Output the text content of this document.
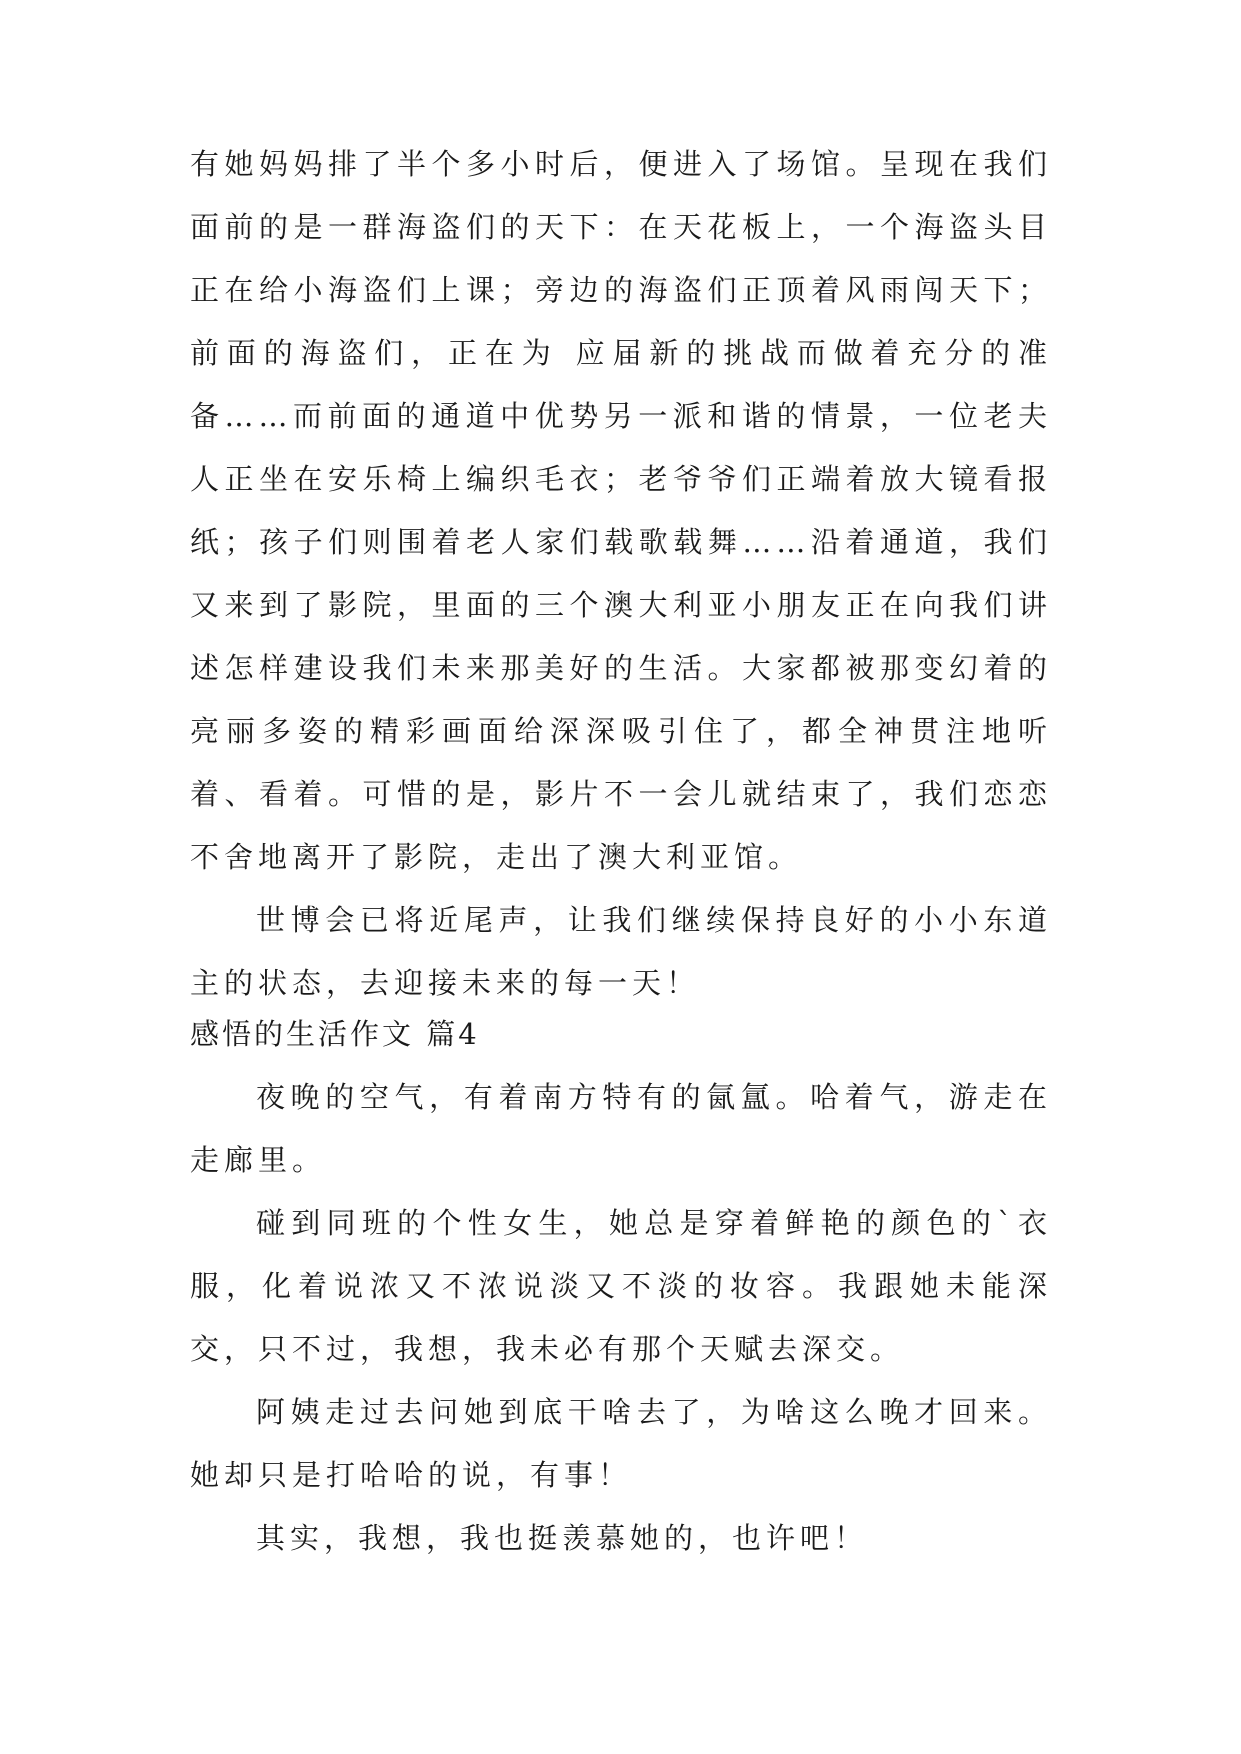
有她妈妈排了半个多小时后，便进入了场馆。呈现在我们面前的是一群海盗们的天下：在天花板上，一个海盗头目正在给小海盗们上课；旁边的海盗们正顶着风雨闯天下；前面的海盗们，正在为 应届新的挑战而做着充分的准备……而前面的通道中优势另一派和谐的情景，一位老夫人正坐在安乐椅上编织毛衣；老爷爷们正端着放大镜看报纸；孩子们则围着老人家们载歌载舞……沿着通道，我们又来到了影院，里面的三个澳大利亚小朋友正在向我们讲述怎样建设我们未来那美好的生活。大家都被那变幻着的亮丽多姿的精彩画面给深深吸引住了，都全神贯注地听着、看着。可惜的是，影片不一会儿就结束了，我们恋恋不舍地离开了影院，走出了澳大利亚馆。

世博会已将近尾声，让我们继续保持良好的小小东道主的状态，去迎接未来的每一天！

感悟的生活作文 篇4

夜晚的空气，有着南方特有的氤氲。哈着气，游走在走廊里。

碰到同班的个性女生，她总是穿着鲜艳的颜色的`衣服，化着说浓又不浓说淡又不淡的妆容。我跟她未能深交，只不过，我想，我未必有那个天赋去深交。

阿姨走过去问她到底干啥去了，为啥这么晚才回来。她却只是打哈哈的说，有事！

其实，我想，我也挺羡慕她的，也许吧！
